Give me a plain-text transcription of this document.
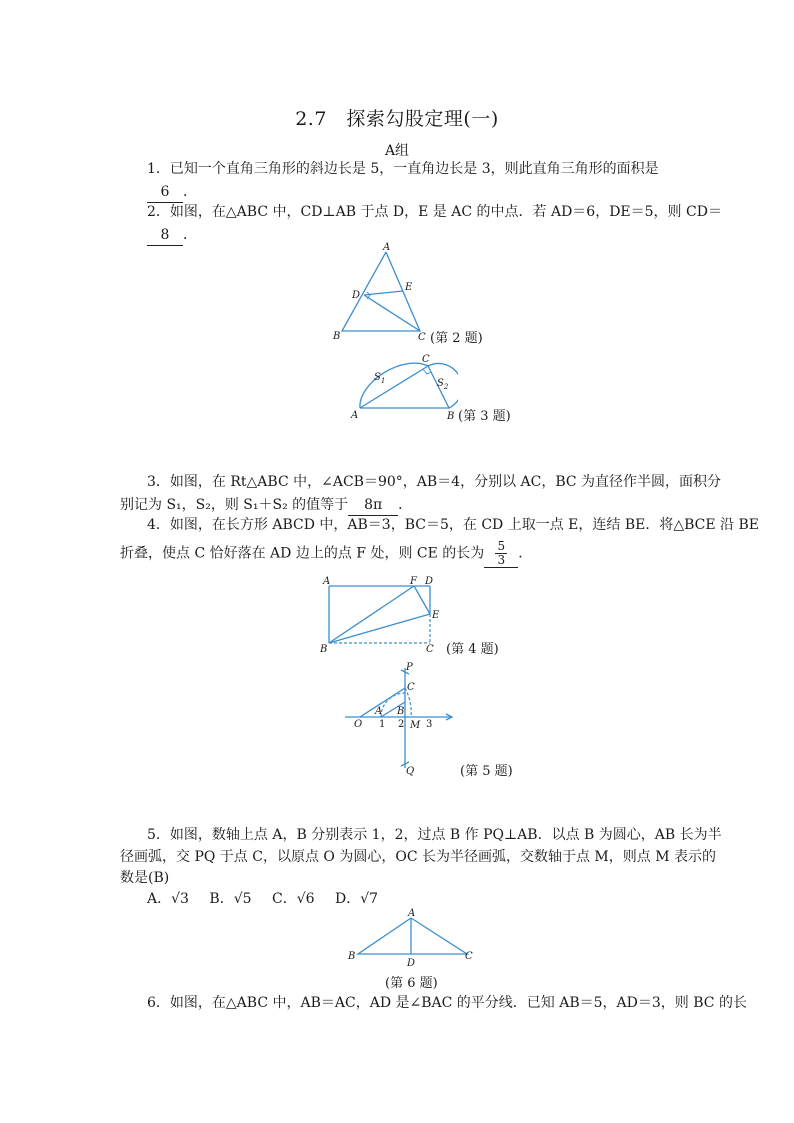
2.7　探索勾股定理(一)
A组
1．已知一个直角三角形的斜边长是 5，一直角边长是 3，则此直角三角形的面积是
6 ．
2．如图，在△ABC 中，CD⊥AB 于点 D，E 是 AC 的中点．若 AD＝6，DE＝5，则 CD＝
8 ．
A
B	C
D
E
(第 2 题)
A	B
C
$S_1$	$S_2$
(第 3 题)
3．如图，在 Rt△ABC 中，∠ACB＝90°，AB＝4，分别以 AC，BC 为直径作半圆，面积分
别记为 S₁，S₂，则 S₁＋S₂ 的值等于 8π ．
4．如图，在长方形 ABCD 中，AB＝3，BC＝5，在 CD 上取一点 E，连结 BE．将△BCE 沿 BE
折叠，使点 C 恰好落在 AD 边上的点 F 处，则 CE 的长为 $\frac{5}{3}$ ．
A
B	C
D
E
F
(第 4 题)
P
Q
C
O
A B
M
1 2 3
(第 5 题)
5．如图，数轴上点 A，B 分别表示 1，2，过点 B 作 PQ⊥AB．以点 B 为圆心，AB 长为半
径画弧，交 PQ 于点 C，以原点 O 为圆心，OC 长为半径画弧，交数轴于点 M，则点 M 表示的
数是(B)
A．√3　 B．√5　 C．√6　 D．√7
A
B	C
D
(第 6 题)
6．如图，在△ABC 中，AB＝AC，AD 是∠BAC 的平分线．已知 AB＝5，AD＝3，则 BC 的长
